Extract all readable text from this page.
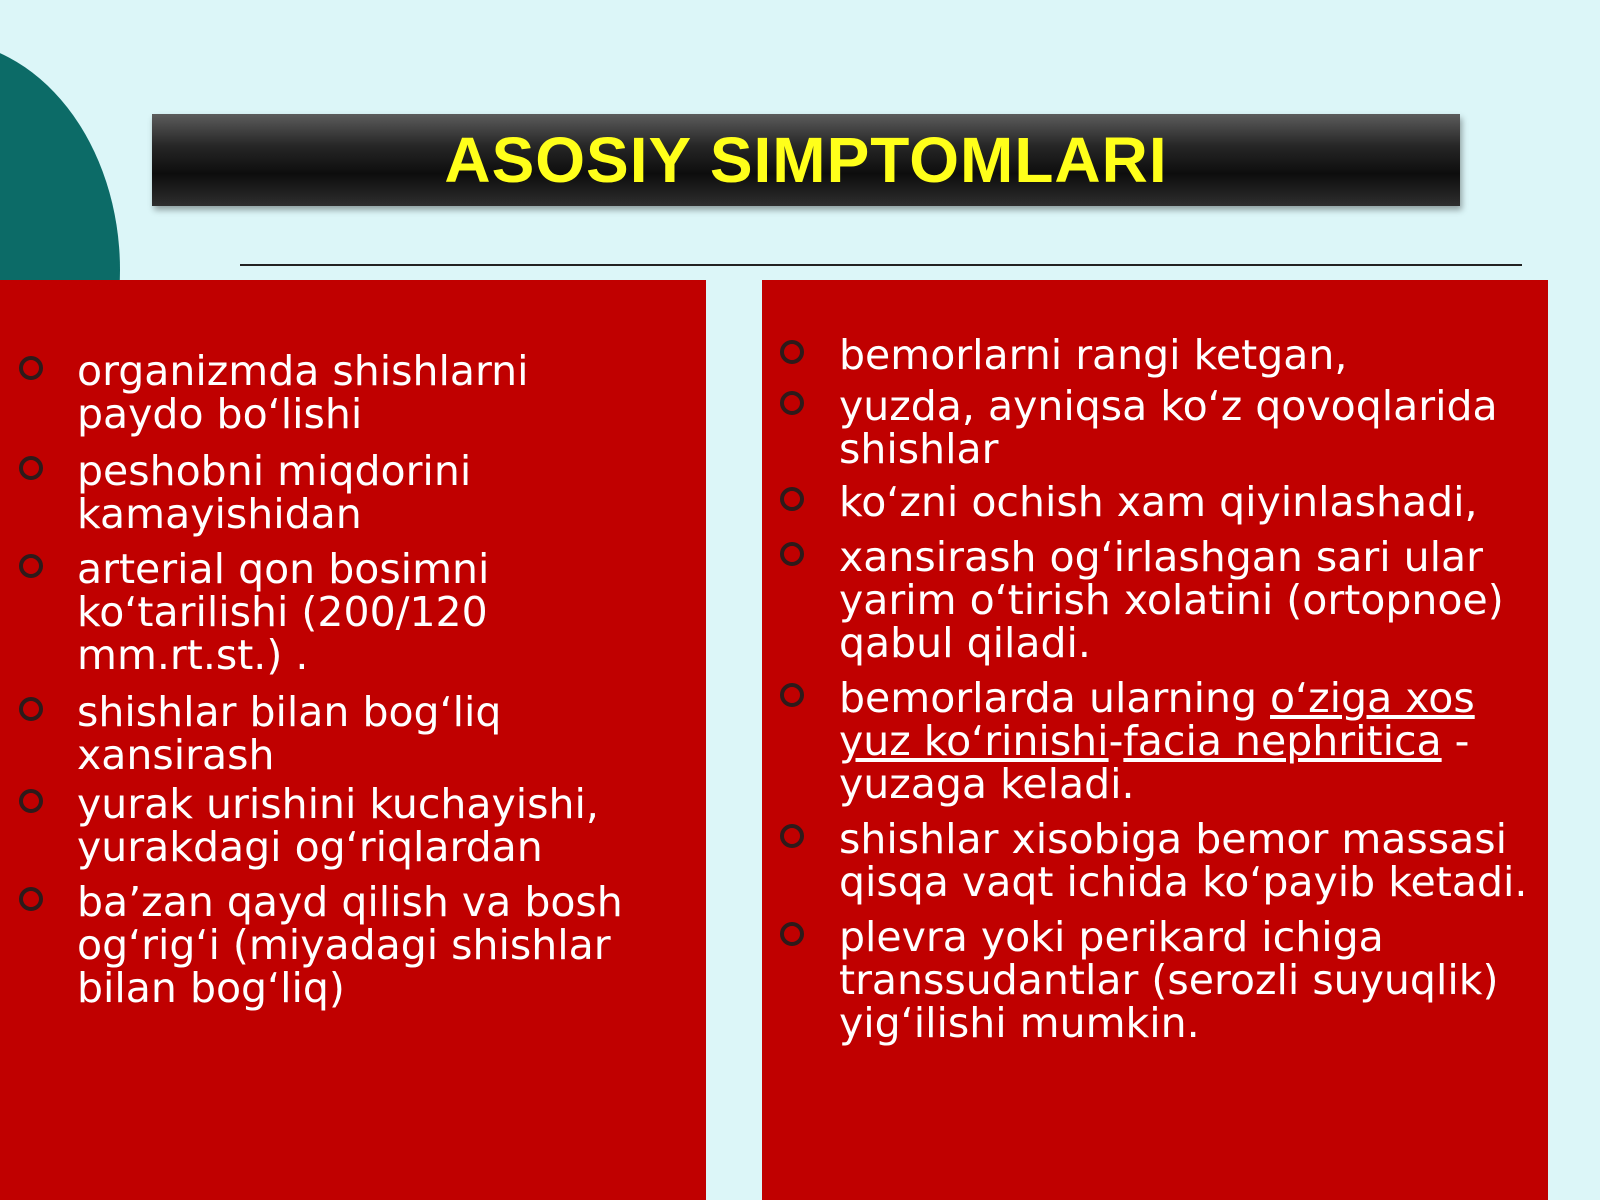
ASOSIY SIMPTOMLARI
organizmda shishlarni paydo bo‘lishi
peshobni miqdorini kamayishidan
arterial qon bosimni ko‘tarilishi (200/120 mm.rt.st.) .
shishlar bilan bog‘liq xansirash
yurak urishini kuchayishi, yurakdagi og‘riqlardan
ba’zan qayd qilish va bosh og‘rig‘i (miyadagi shishlar bilan bog‘liq)
bemorlarni rangi ketgan,
yuzda, ayniqsa ko‘z qovoqlarida shishlar
ko‘zni ochish xam qiyinlashadi,
xansirash og‘irlashgan sari ular yarim o‘tirish xolatini (ortopnoe) qabul qiladi.
bemorlarda ularning o‘ziga xos yuz ko‘rinishi-facia nephritica - yuzaga keladi.
shishlar xisobiga bemor massasi qisqa vaqt ichida ko‘payib ketadi.
plevra yoki perikard ichiga transsudantlar (serozli suyuqlik) yig‘ilishi mumkin.
